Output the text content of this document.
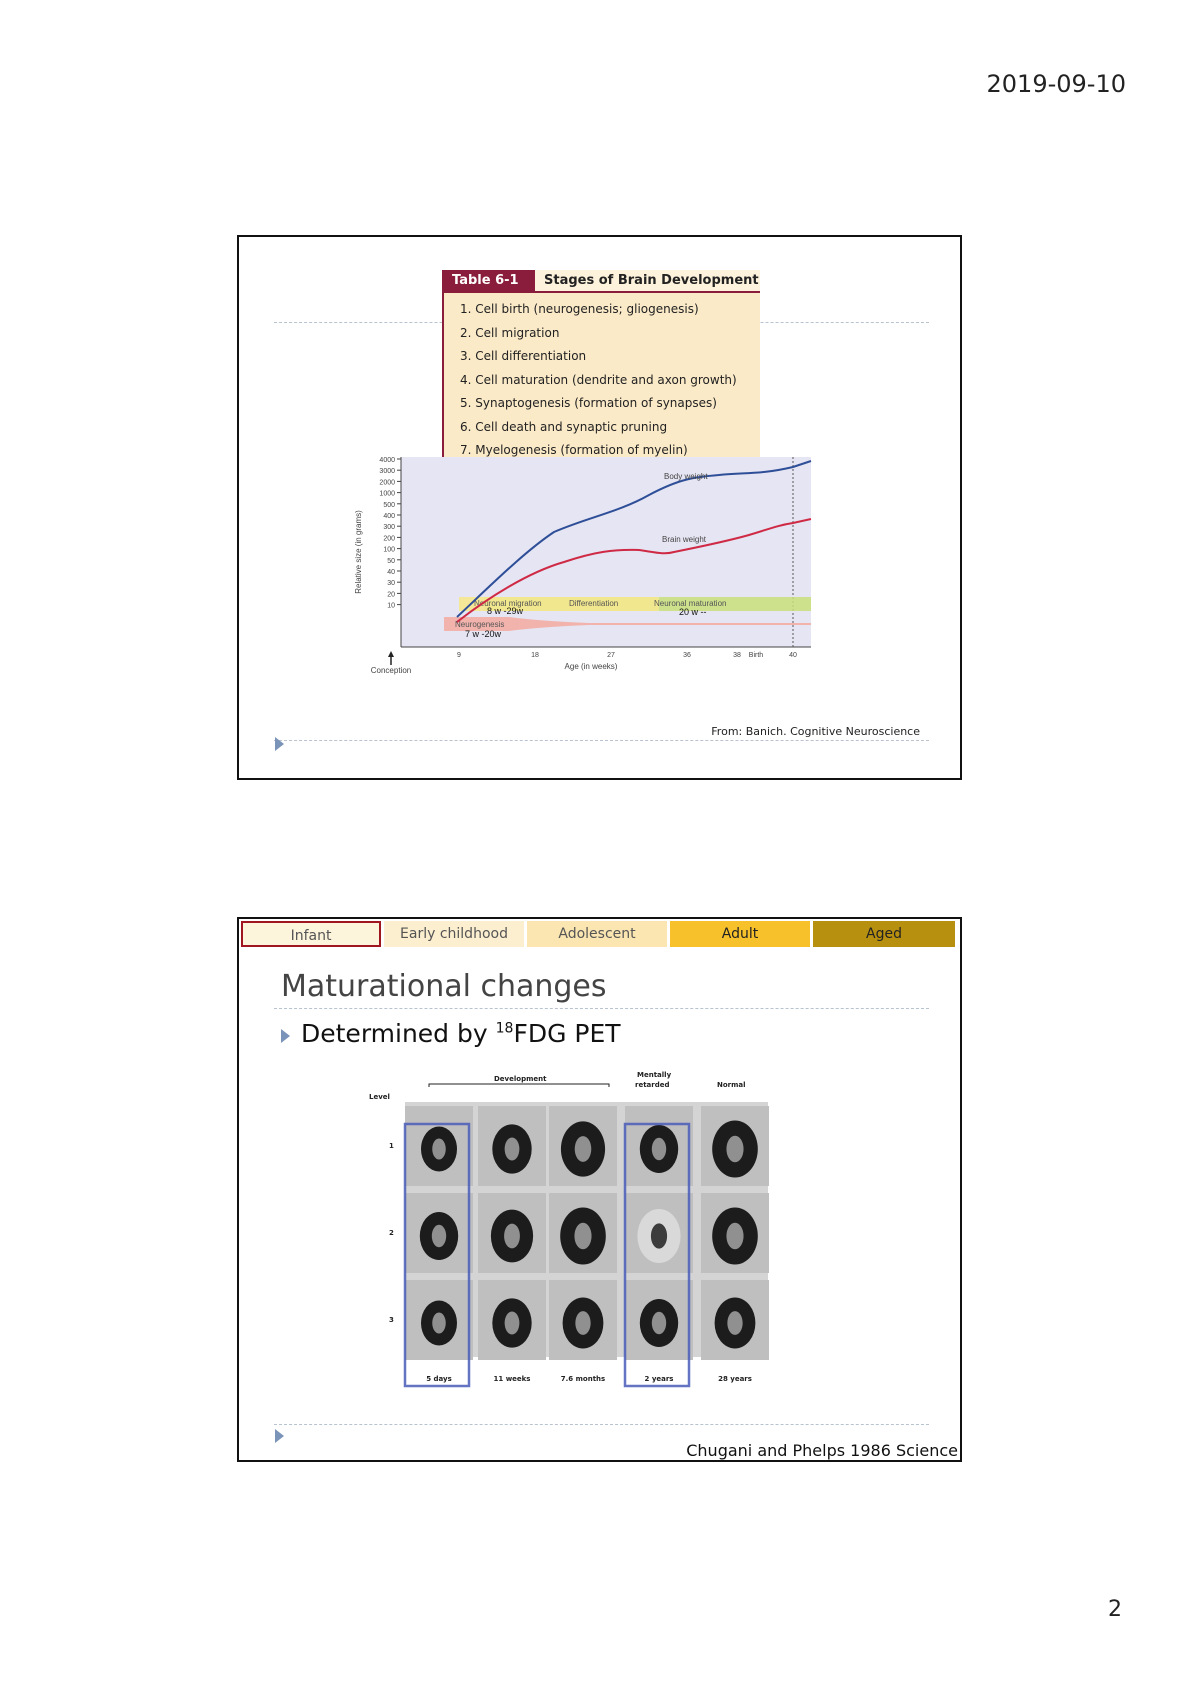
2019-09-10
Table 6-1	Stages of Brain Development
1. Cell birth (neurogenesis; gliogenesis)
2. Cell migration
3. Cell differentiation
4. Cell maturation (dendrite and axon growth)
5. Synaptogenesis (formation of synapses)
6. Cell death and synaptic pruning
7. Myelogenesis (formation of myelin)
4000
3000
2000
1000
500
400
300
200
100
50
40
30
20
10
9	18	27	36	38 Birth	40
Neuronal migration
8 w -29w
Differentiation	Neuronal maturation
20 w --
Neurogenesis
7 w -20w
Body weight
Brain weight
Relative size (in grams)
Age (in weeks)
Conception
From: Banich. Cognitive Neuroscience
Infant	Early childhood	Adolescent	Adult	Aged
Maturational changes
Determined by $^{18}$FDG PET
Development
Level
Mentally
retarded	Normal
1
2
3
5 days	11 weeks	7.6 months	2 years	28 years
Chugani and Phelps 1986 Science
2
